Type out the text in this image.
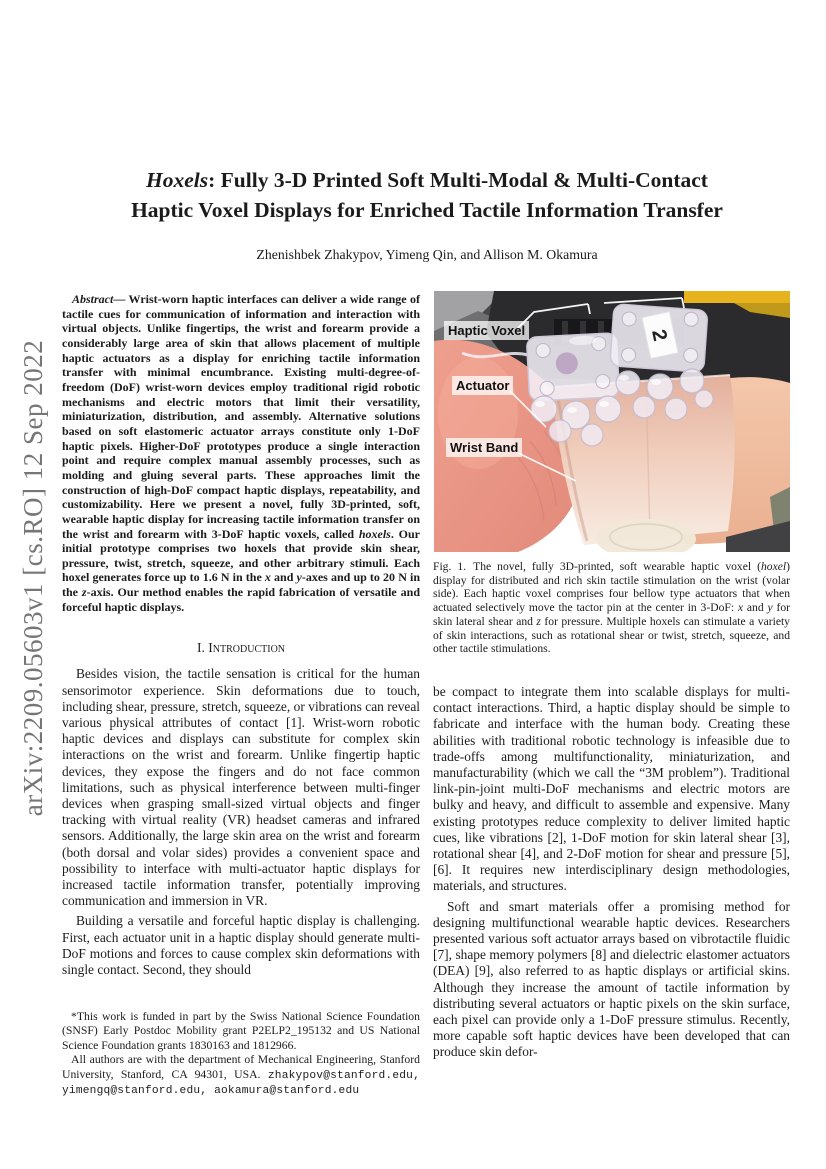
arXiv:2209.05603v1 [cs.RO] 12 Sep 2022
Hoxels: Fully 3-D Printed Soft Multi-Modal & Multi-Contact
Haptic Voxel Displays for Enriched Tactile Information Transfer
Zhenishbek Zhakypov, Yimeng Qin, and Allison M. Okamura

Abstract— Wrist-worn haptic interfaces can deliver a wide range of tactile cues for communication of information and interaction with virtual objects. Unlike fingertips, the wrist and forearm provide a considerably large area of skin that allows placement of multiple haptic actuators as a display for enriching tactile information transfer with minimal encumbrance. Existing multi-degree-of-freedom (DoF) wrist-worn devices employ traditional rigid robotic mechanisms and electric motors that limit their versatility, miniaturization, distribution, and assembly. Alternative solutions based on soft elastomeric actuator arrays constitute only 1-DoF haptic pixels. Higher-DoF prototypes produce a single interaction point and require complex manual assembly processes, such as molding and gluing several parts. These approaches limit the construction of high-DoF compact haptic displays, repeatability, and customizability. Here we present a novel, fully 3D-printed, soft, wearable haptic display for increasing tactile information transfer on the wrist and forearm with 3-DoF haptic voxels, called hoxels. Our initial prototype comprises two hoxels that provide skin shear, pressure, twist, stretch, squeeze, and other arbitrary stimuli. Each hoxel generates force up to 1.6 N in the x and y-axes and up to 20 N in the z-axis. Our method enables the rapid fabrication of versatile and forceful haptic displays.

I. Introduction

Besides vision, the tactile sensation is critical for the human sensorimotor experience. Skin deformations due to touch, including shear, pressure, stretch, squeeze, or vibrations can reveal various physical attributes of contact [1]. Wrist-worn robotic haptic devices and displays can substitute for complex skin interactions on the wrist and forearm. Unlike fingertip haptic devices, they expose the fingers and do not face common limitations, such as physical interference between multi-finger devices when grasping small-sized virtual objects and finger tracking with virtual reality (VR) headset cameras and infrared sensors. Additionally, the large skin area on the wrist and forearm (both dorsal and volar sides) provides a convenient space and possibility to interface with multi-actuator haptic displays for increased tactile information transfer, potentially improving communication and immersion in VR.

Building a versatile and forceful haptic display is challenging. First, each actuator unit in a haptic display should generate multi-DoF motions and forces to cause complex skin deformations with single contact. Second, they should

2
Haptic Voxel
Actuator
Wrist Band
Fig. 1. The novel, fully 3D-printed, soft wearable haptic voxel (hoxel) display for distributed and rich skin tactile stimulation on the wrist (volar side). Each haptic voxel comprises four bellow type actuators that when actuated selectively move the tactor pin at the center in 3-DoF: x and y for skin lateral shear and z for pressure. Multiple hoxels can stimulate a variety of skin interactions, such as rotational shear or twist, stretch, squeeze, and other tactile stimulations.

be compact to integrate them into scalable displays for multi-contact interactions. Third, a haptic display should be simple to fabricate and interface with the human body. Creating these abilities with traditional robotic technology is infeasible due to trade-offs among multifunctionality, miniaturization, and manufacturability (which we call the “3M problem”). Traditional link-pin-joint multi-DoF mechanisms and electric motors are bulky and heavy, and difficult to assemble and expensive. Many existing prototypes reduce complexity to deliver limited haptic cues, like vibrations [2], 1-DoF motion for skin lateral shear [3], rotational shear [4], and 2-DoF motion for shear and pressure [5], [6]. It requires new interdisciplinary design methodologies, materials, and structures.

Soft and smart materials offer a promising method for designing multifunctional wearable haptic devices. Researchers presented various soft actuator arrays based on vibrotactile fluidic [7], shape memory polymers [8] and dielectric elastomer actuators (DEA) [9], also referred to as haptic displays or artificial skins. Although they increase the amount of tactile information by distributing several actuators or haptic pixels on the skin surface, each pixel can provide only a 1-DoF pressure stimulus. Recently, more capable soft haptic devices have been developed that can produce skin defor-

*This work is funded in part by the Swiss National Science Foundation (SNSF) Early Postdoc Mobility grant P2ELP2_195132 and US National Science Foundation grants 1830163 and 1812966.

All authors are with the department of Mechanical Engineering, Stanford University, Stanford, CA 94301, USA. zhakypov@stanford.edu, yimengq@stanford.edu, aokamura@stanford.edu
